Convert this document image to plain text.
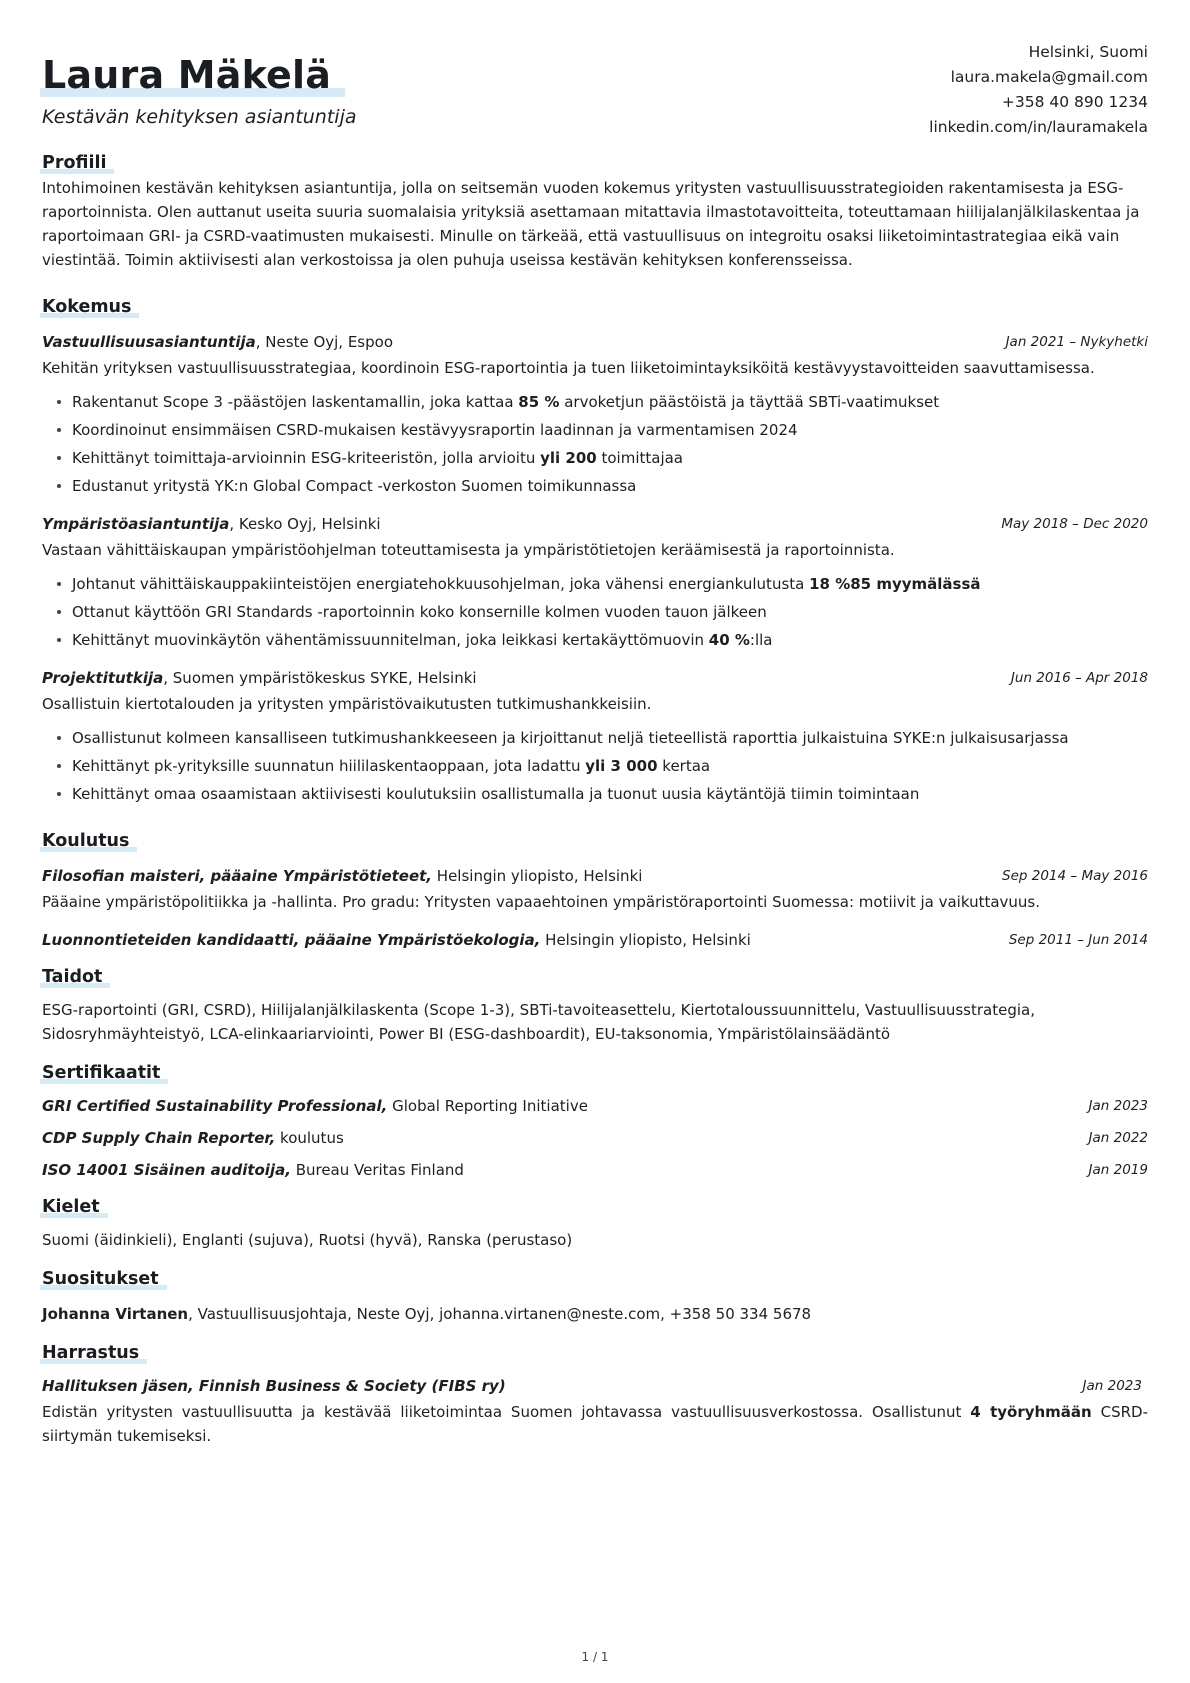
Laura Mäkelä
Kestävän kehityksen asiantuntija
Helsinki, Suomi
laura.makela@gmail.com
+358 40 890 1234
linkedin.com/in/lauramakela
Profiili

Intohimoinen kestävän kehityksen asiantuntija, jolla on seitsemän vuoden kokemus yritysten vastuullisuusstrategioiden rakentamisesta ja ESG-raportoinnista. Olen auttanut useita suuria suomalaisia yrityksiä asettamaan mitattavia ilmastotavoitteita, toteuttamaan hiilijalanjälkilaskentaa ja raportoimaan GRI- ja CSRD-vaatimusten mukaisesti. Minulle on tärkeää, että vastuullisuus on integroitu osaksi liiketoimintastrategiaa eikä vain viestintää. Toimin aktiivisesti alan verkostoissa ja olen puhuja useissa kestävän kehityksen konferensseissa.

Kokemus
Vastuullisuusasiantuntija, Neste Oyj, Espoo	Jan 2021 – Nykyhetki

Kehitän yrityksen vastuullisuusstrategiaa, koordinoin ESG-raportointia ja tuen liiketoimintayksiköitä kestävyystavoitteiden saavuttamisessa.

Rakentanut Scope 3 -päästöjen laskentamallin, joka kattaa 85 % arvoketjun päästöistä ja täyttää SBTi-vaatimukset
Koordinoinut ensimmäisen CSRD-mukaisen kestävyysraportin laadinnan ja varmentamisen 2024
Kehittänyt toimittaja-arvioinnin ESG-kriteeristön, jolla arvioitu yli 200 toimittajaa
Edustanut yritystä YK:n Global Compact -verkoston Suomen toimikunnassa
Ympäristöasiantuntija, Kesko Oyj, Helsinki	May 2018 – Dec 2020

Vastaan vähittäiskaupan ympäristöohjelman toteuttamisesta ja ympäristötietojen keräämisestä ja raportoinnista.

Johtanut vähittäiskauppakiinteistöjen energiatehokkuusohjelman, joka vähensi energiankulutusta 18 %85 myymälässä
Ottanut käyttöön GRI Standards -raportoinnin koko konsernille kolmen vuoden tauon jälkeen
Kehittänyt muovinkäytön vähentämissuunnitelman, joka leikkasi kertakäyttömuovin 40 %:lla
Projektitutkija, Suomen ympäristökeskus SYKE, Helsinki	Jun 2016 – Apr 2018

Osallistuin kiertotalouden ja yritysten ympäristövaikutusten tutkimushankkeisiin.

Osallistunut kolmeen kansalliseen tutkimushankkeeseen ja kirjoittanut neljä tieteellistä raporttia julkaistuina SYKE:n julkaisusarjassa
Kehittänyt pk-yrityksille suunnatun hiililaskentaoppaan, jota ladattu yli 3 000 kertaa
Kehittänyt omaa osaamistaan aktiivisesti koulutuksiin osallistumalla ja tuonut uusia käytäntöjä tiimin toimintaan
Koulutus
Filosofian maisteri, pääaine Ympäristötieteet, Helsingin yliopisto, Helsinki	Sep 2014 – May 2016

Pääaine ympäristöpolitiikka ja -hallinta. Pro gradu: Yritysten vapaaehtoinen ympäristöraportointi Suomessa: motiivit ja vaikuttavuus.

Luonnontieteiden kandidaatti, pääaine Ympäristöekologia, Helsingin yliopisto, Helsinki	Sep 2011 – Jun 2014
Taidot

ESG-raportointi (GRI, CSRD), Hiilijalanjälkilaskenta (Scope 1-3), SBTi-tavoiteasettelu, Kiertotaloussuunnittelu, Vastuullisuusstrategia, Sidosryhmäyhteistyö, LCA-elinkaariarviointi, Power BI (ESG-dashboardit), EU-taksonomia, Ympäristölainsäädäntö

Sertifikaatit
GRI Certified Sustainability Professional, Global Reporting Initiative	Jan 2023
CDP Supply Chain Reporter, koulutus	Jan 2022
ISO 14001 Sisäinen auditoija, Bureau Veritas Finland	Jan 2019
Kielet

Suomi (äidinkieli), Englanti (sujuva), Ruotsi (hyvä), Ranska (perustaso)

Suositukset

Johanna Virtanen, Vastuullisuusjohtaja, Neste Oyj, johanna.virtanen@neste.com, +358 50 334 5678

Harrastus
Hallituksen jäsen, Finnish Business & Society (FIBS ry)	Jan 2023

Edistän yritysten vastuullisuutta ja kestävää liiketoimintaa Suomen johtavassa vastuullisuusverkostossa. Osallistunut 4 työryhmään CSRD-siirtymän tukemiseksi.

1 / 1
